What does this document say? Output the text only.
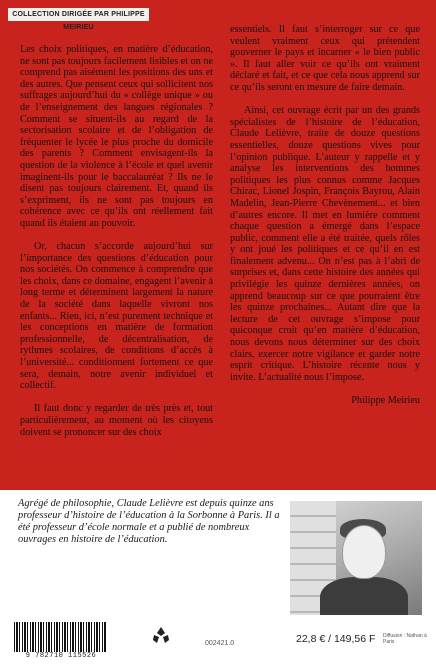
COLLECTION DIRIGÉE PAR PHILIPPE MEIRIEU

Les choix politiques, en matière d’éducation, ne sont pas toujours facilement lisibles et on ne comprend pas aisément les positions des uns et des autres. Que pensent ceux qui sollicitent nos suffrages aujourd’hui du « collège unique » ou de l’enseignement des langues régionales ? Comment se situent-ils au regard de la sectorisation scolaire et de l’obligation de fréquenter le lycée le plus proche du domicile des parents ? Comment envisagent-ils la question de la violence à l’école et quel avenir imaginent-ils pour le baccalauréat ? Ils ne le disent pas toujours clairement. Et, quand ils s’expriment, ils ne sont pas toujours en cohérence avec ce qu’ils ont réellement fait quand ils étaient au pouvoir.

Or, chacun s’accorde aujourd’hui sur l’importance des questions d’éducation pour nos sociétés. On commence à comprendre que les choix, dans ce domaine, engagent l’avenir à long terme et déterminent largement la nature de la société dans laquelle vivront nos enfants... Rien, ici, n’est purement technique et les conceptions en matière de formation professionnelle, de décentralisation, de rythmes scolaires, de conditions d’accès à l’université... conditionnent fortement ce que sera, demain, notre avenir individuel et collectif.

Il faut donc y regarder de très près et, tout particulièrement, au moment où les citoyens doivent se prononcer sur des choix

essentiels. Il faut s’interroger sur ce que veulent vraiment ceux qui prétendent gouverner le pays et incarner « le bien public ». Il faut aller voir ce qu’ils ont vraiment déclaré et fait, et ce que cela nous apprend sur ce qu’ils seront en mesure de faire demain.

Ainsi, cet ouvrage écrit par un des grands spécialistes de l’histoire de l’éducation, Claude Lelièvre, traite de douze questions essentielles, douze questions vives pour l’opinion publique. L’auteur y rappelle et y analyse les interventions des hommes politiques les plus connus comme Jacques Chirac, Lionel Jospin, François Bayrou, Alain Madelin, Jean-Pierre Chevènement... et bien d’autres encore. Il met en lumière comment chaque question a émergé dans l’espace public, comment elle a été traitée, quels rôles y ont joué les politiques et ce qu’il en est finalement advenu... On n’est pas à l’abri de surprises et, dans cette histoire des années qui privilégie les quinze dernières années, on apprend beaucoup sur ce que pourraient être les quinze prochaines... Autant dire que la lecture de cet ouvrage s’impose pour quiconque croit qu’en matière d’éducation, nous devons nous déterminer sur des choix clairs, exercer notre vigilance et garder notre esprit critique. L’histoire récente nous y invite. L’actualité nous l’impose.

Philippe Meirieu

Agrégé de philosophie, Claude Lelièvre est depuis quinze ans professeur d’histoire de l’éducation à la Sorbonne à Paris. Il a été professeur d’école normale et a publié de nombreux ouvrages en histoire de l’éducation.
9 782710 115526
002421.0	22,8 € / 149,56 F Diffusion : Nathan à Paris
